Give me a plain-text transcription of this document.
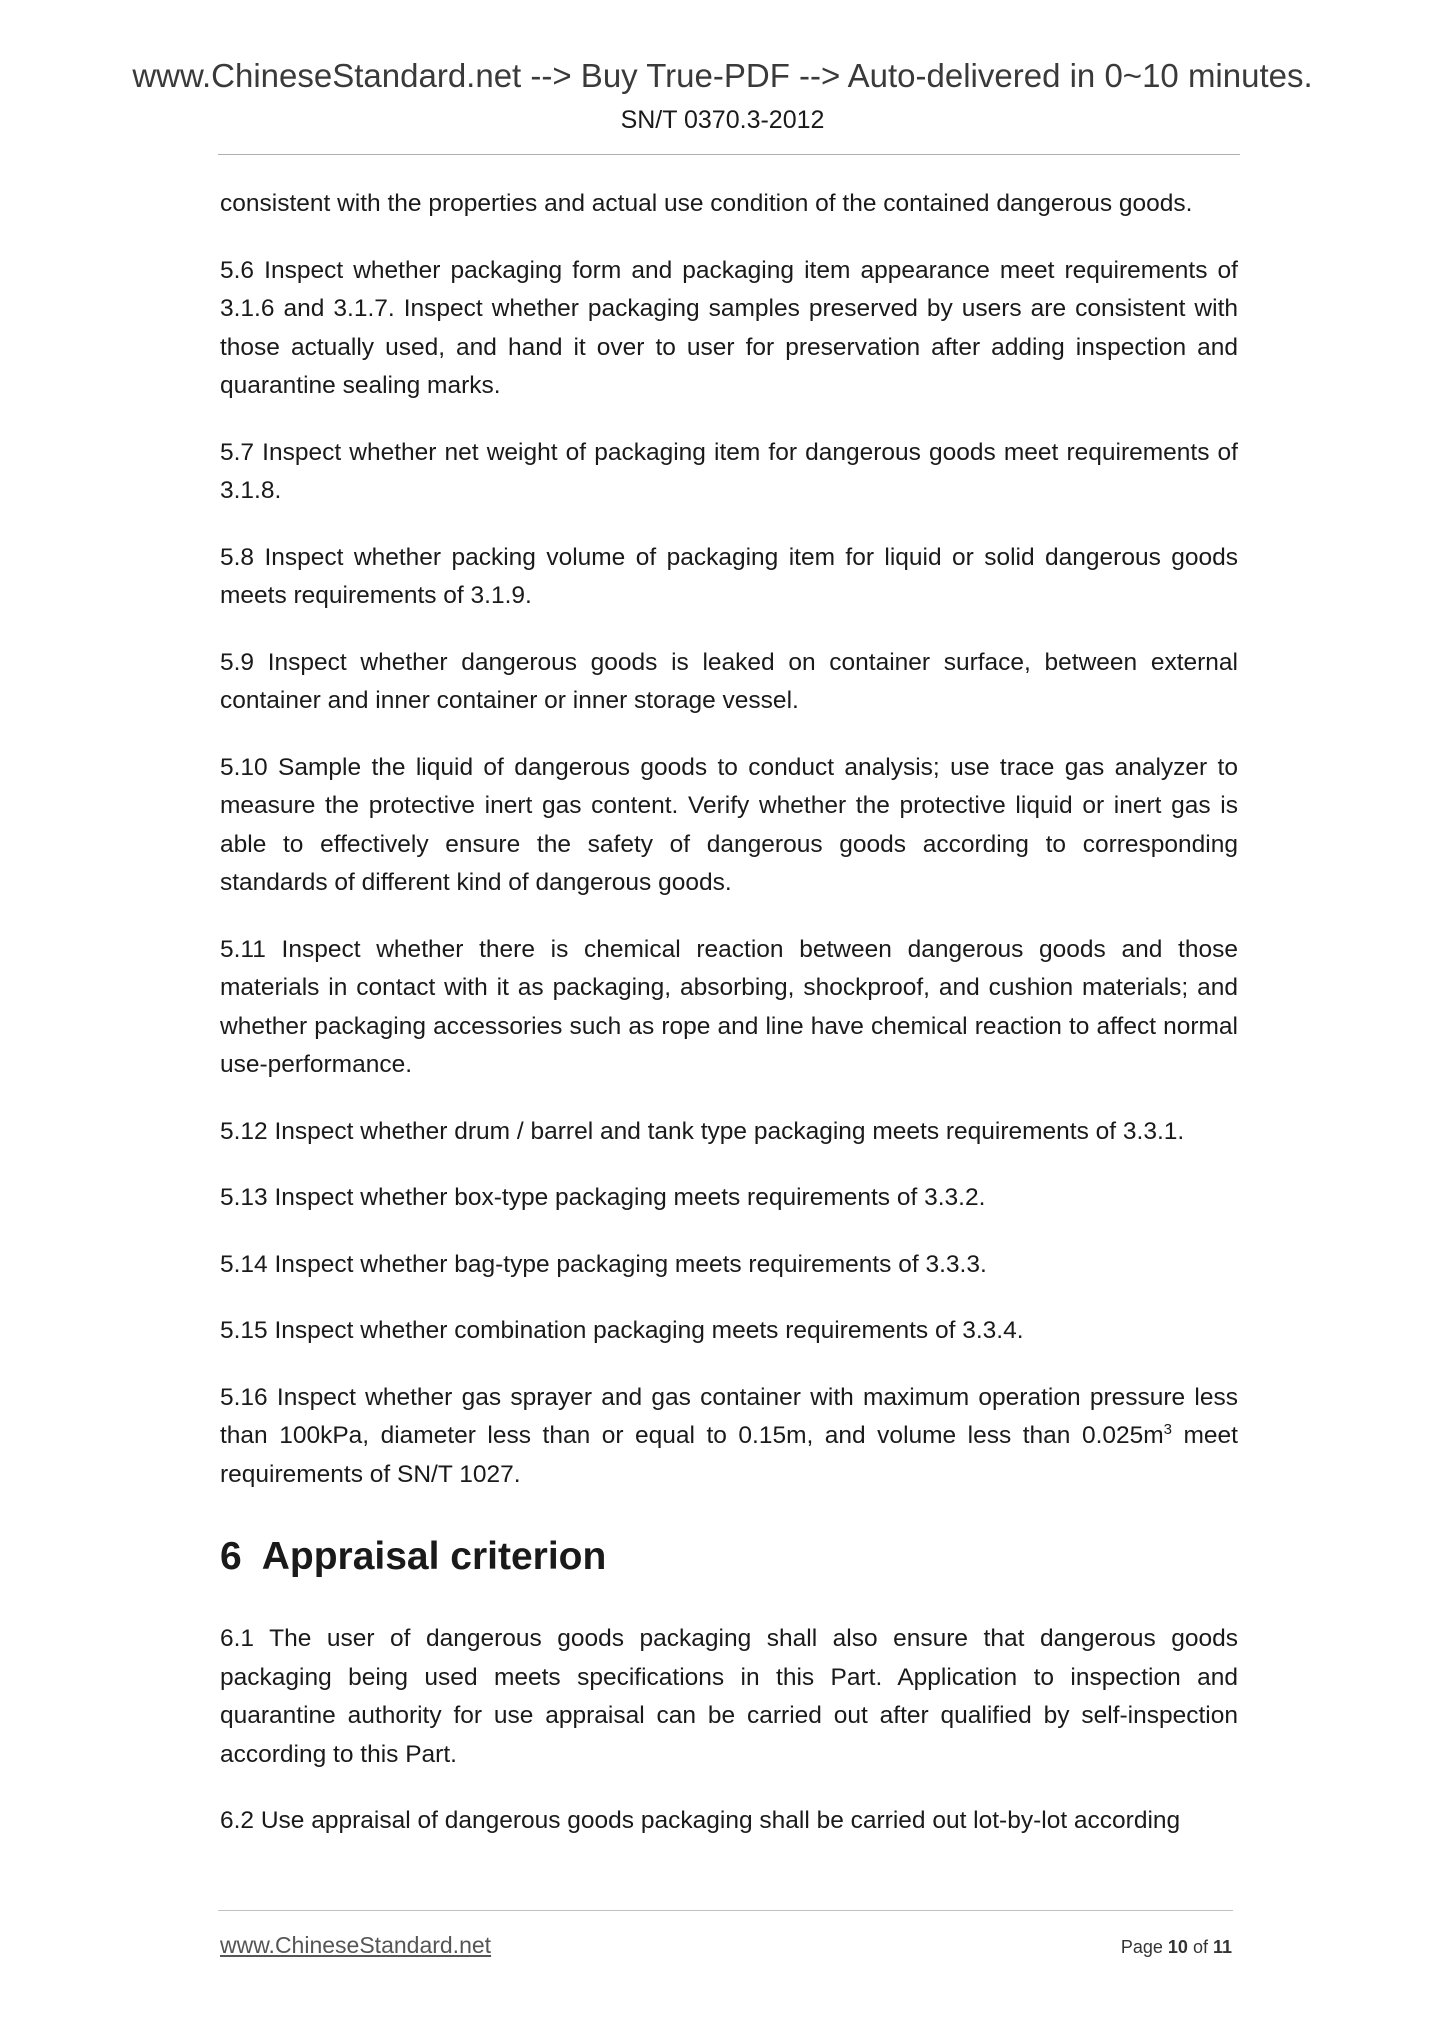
www.ChineseStandard.net --> Buy True-PDF --> Auto-delivered in 0~10 minutes.
SN/T 0370.3-2012

consistent with the properties and actual use condition of the contained dangerous goods.

5.6 Inspect whether packaging form and packaging item appearance meet requirements of 3.1.6 and 3.1.7. Inspect whether packaging samples preserved by users are consistent with those actually used, and hand it over to user for preservation after adding inspection and quarantine sealing marks.

5.7 Inspect whether net weight of packaging item for dangerous goods meet requirements of 3.1.8.

5.8 Inspect whether packing volume of packaging item for liquid or solid dangerous goods meets requirements of 3.1.9.

5.9 Inspect whether dangerous goods is leaked on container surface, between external container and inner container or inner storage vessel.

5.10 Sample the liquid of dangerous goods to conduct analysis; use trace gas analyzer to measure the protective inert gas content. Verify whether the protective liquid or inert gas is able to effectively ensure the safety of dangerous goods according to corresponding standards of different kind of dangerous goods.

5.11 Inspect whether there is chemical reaction between dangerous goods and those materials in contact with it as packaging, absorbing, shockproof, and cushion materials; and whether packaging accessories such as rope and line have chemical reaction to affect normal use-performance.

5.12 Inspect whether drum / barrel and tank type packaging meets requirements of 3.3.1.

5.13 Inspect whether box-type packaging meets requirements of 3.3.2.

5.14 Inspect whether bag-type packaging meets requirements of 3.3.3.

5.15 Inspect whether combination packaging meets requirements of 3.3.4.

5.16 Inspect whether gas sprayer and gas container with maximum operation pressure less than 100kPa, diameter less than or equal to 0.15m, and volume less than $0.025m^3$ meet requirements of SN/T 1027.

6 Appraisal criterion

6.1 The user of dangerous goods packaging shall also ensure that dangerous goods packaging being used meets specifications in this Part. Application to inspection and quarantine authority for use appraisal can be carried out after qualified by self-inspection according to this Part.

6.2 Use appraisal of dangerous goods packaging shall be carried out lot-by-lot according

www.ChineseStandard.net	Page 10 of 11
